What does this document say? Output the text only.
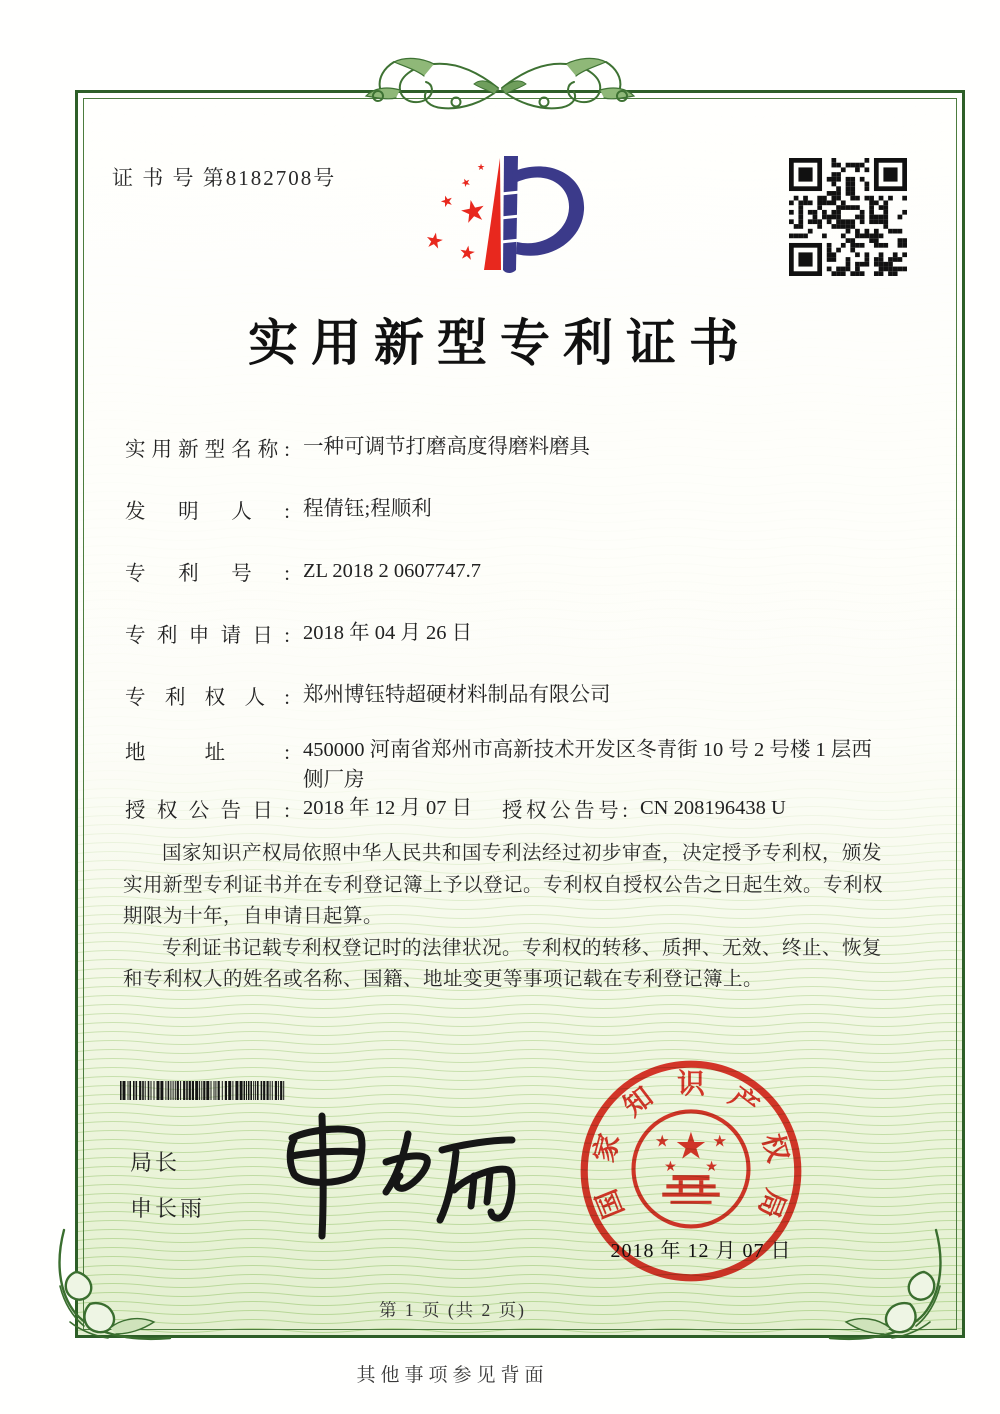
证 书 号 第8182708号
★
★
★
★
★
★
实用新型专利证书
实用新型名称: 一种可调节打磨高度得磨料磨具
发明人: 程倩钰;程顺利
专利号: ZL 2018 2 0607747.7
专利申请日: 2018 年 04 月 26 日
专利权人: 郑州博钰特超硬材料制品有限公司
地址: 450000 河南省郑州市高新技术开发区冬青街 10 号 2 号楼 1 层西侧厂房
授权公告日: 2018 年 12 月 07 日 授权公告号: CN 208196438 U

国家知识产权局依照中华人民共和国专利法经过初步审查，决定授予专利权，颁发实用新型专利证书并在专利登记簿上予以登记。专利权自授权公告之日起生效。专利权期限为十年，自申请日起算。

专利证书记载专利权登记时的法律状况。专利权的转移、质押、无效、终止、恢复和专利权人的姓名或名称、国籍、地址变更等事项记载在专利登记簿上。

局长
申长雨	国
家
知 识 产
权
局
★
★	★
★ ★
2018 年 12 月 07 日
第 1 页 (共 2 页)
其他事项参见背面
